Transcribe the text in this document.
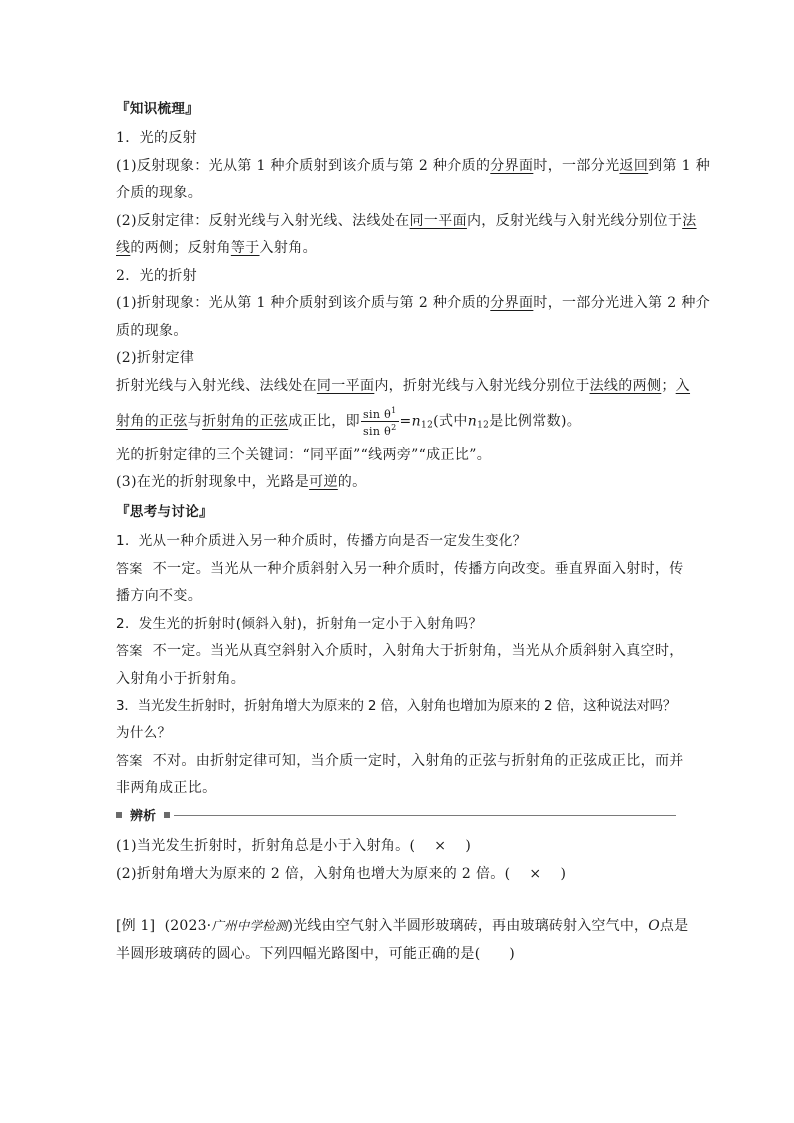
『知识梳理』
1．光的反射
(1)反射现象：光从第 1 种介质射到该介质与第 2 种介质的分界面时，一部分光返回到第 1 种
介质的现象。
(2)反射定律：反射光线与入射光线、法线处在同一平面内，反射光线与入射光线分别位于法
线的两侧；反射角等于入射角。
2．光的折射
(1)折射现象：光从第 1 种介质射到该介质与第 2 种介质的分界面时，一部分光进入第 2 种介
质的现象。
(2)折射定律
折射光线与入射光线、法线处在同一平面内，折射光线与入射光线分别位于法线的两侧；入
射角的正弦与折射角的正弦成正比，即 $\frac{\sin \theta^1}{\sin \theta^2} =n_{12}$(式中$n_{12}$是比例常数)。
光的折射定律的三个关键词：“同平面”“线两旁”“成正比”。
(3)在光的折射现象中，光路是可逆的。
『思考与讨论』
1．光从一种介质进入另一种介质时，传播方向是否一定发生变化？
答案 不一定。当光从一种介质斜射入另一种介质时，传播方向改变。垂直界面入射时，传
播方向不变。
2．发生光的折射时(倾斜入射)，折射角一定小于入射角吗？
答案 不一定。当光从真空斜射入介质时，入射角大于折射角，当光从介质斜射入真空时，
入射角小于折射角。
3．当光发生折射时，折射角增大为原来的 2 倍，入射角也增加为原来的 2 倍，这种说法对吗？
为什么？
答案 不对。由折射定律可知，当介质一定时，入射角的正弦与折射角的正弦成正比，而并
非两角成正比。
辨析
(1)当光发生折射时，折射角总是小于入射角。( × )
(2)折射角增大为原来的 2 倍，入射角也增大为原来的 2 倍。( × )
[例 1] (2023·广州中学检测)光线由空气射入半圆形玻璃砖，再由玻璃砖射入空气中，O点是
半圆形玻璃砖的圆心。下列四幅光路图中，可能正确的是(　　)
